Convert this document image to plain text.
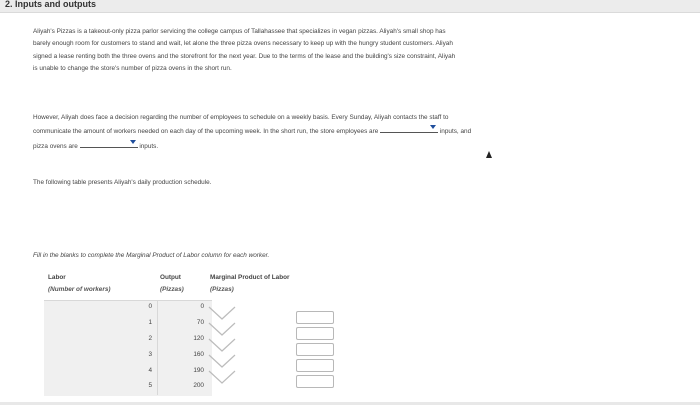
2. Inputs and outputs
Aliyah's Pizzas is a takeout-only pizza parlor servicing the college campus of Tallahassee that specializes in vegan pizzas. Aliyah's small shop has
barely enough room for customers to stand and wait, let alone the three pizza ovens necessary to keep up with the hungry student customers. Aliyah
signed a lease renting both the three ovens and the storefront for the next year. Due to the terms of the lease and the building's size constraint, Aliyah
is unable to change the store's number of pizza ovens in the short run.
However, Aliyah does face a decision regarding the number of employees to schedule on a weekly basis. Every Sunday, Aliyah contacts the staff to
communicate the amount of workers needed on each day of the upcoming week. In the short run, the store employees are	inputs, and
pizza ovens are	inputs.
The following table presents Aliyah's daily production schedule.
Fill in the blanks to complete the Marginal Product of Labor column for each worker.
Labor
(Number of workers)
Output
(Pizzas)
Marginal Product of Labor
(Pizzas)
0	0
1	70
2	120
3	160
4	190
5	200
